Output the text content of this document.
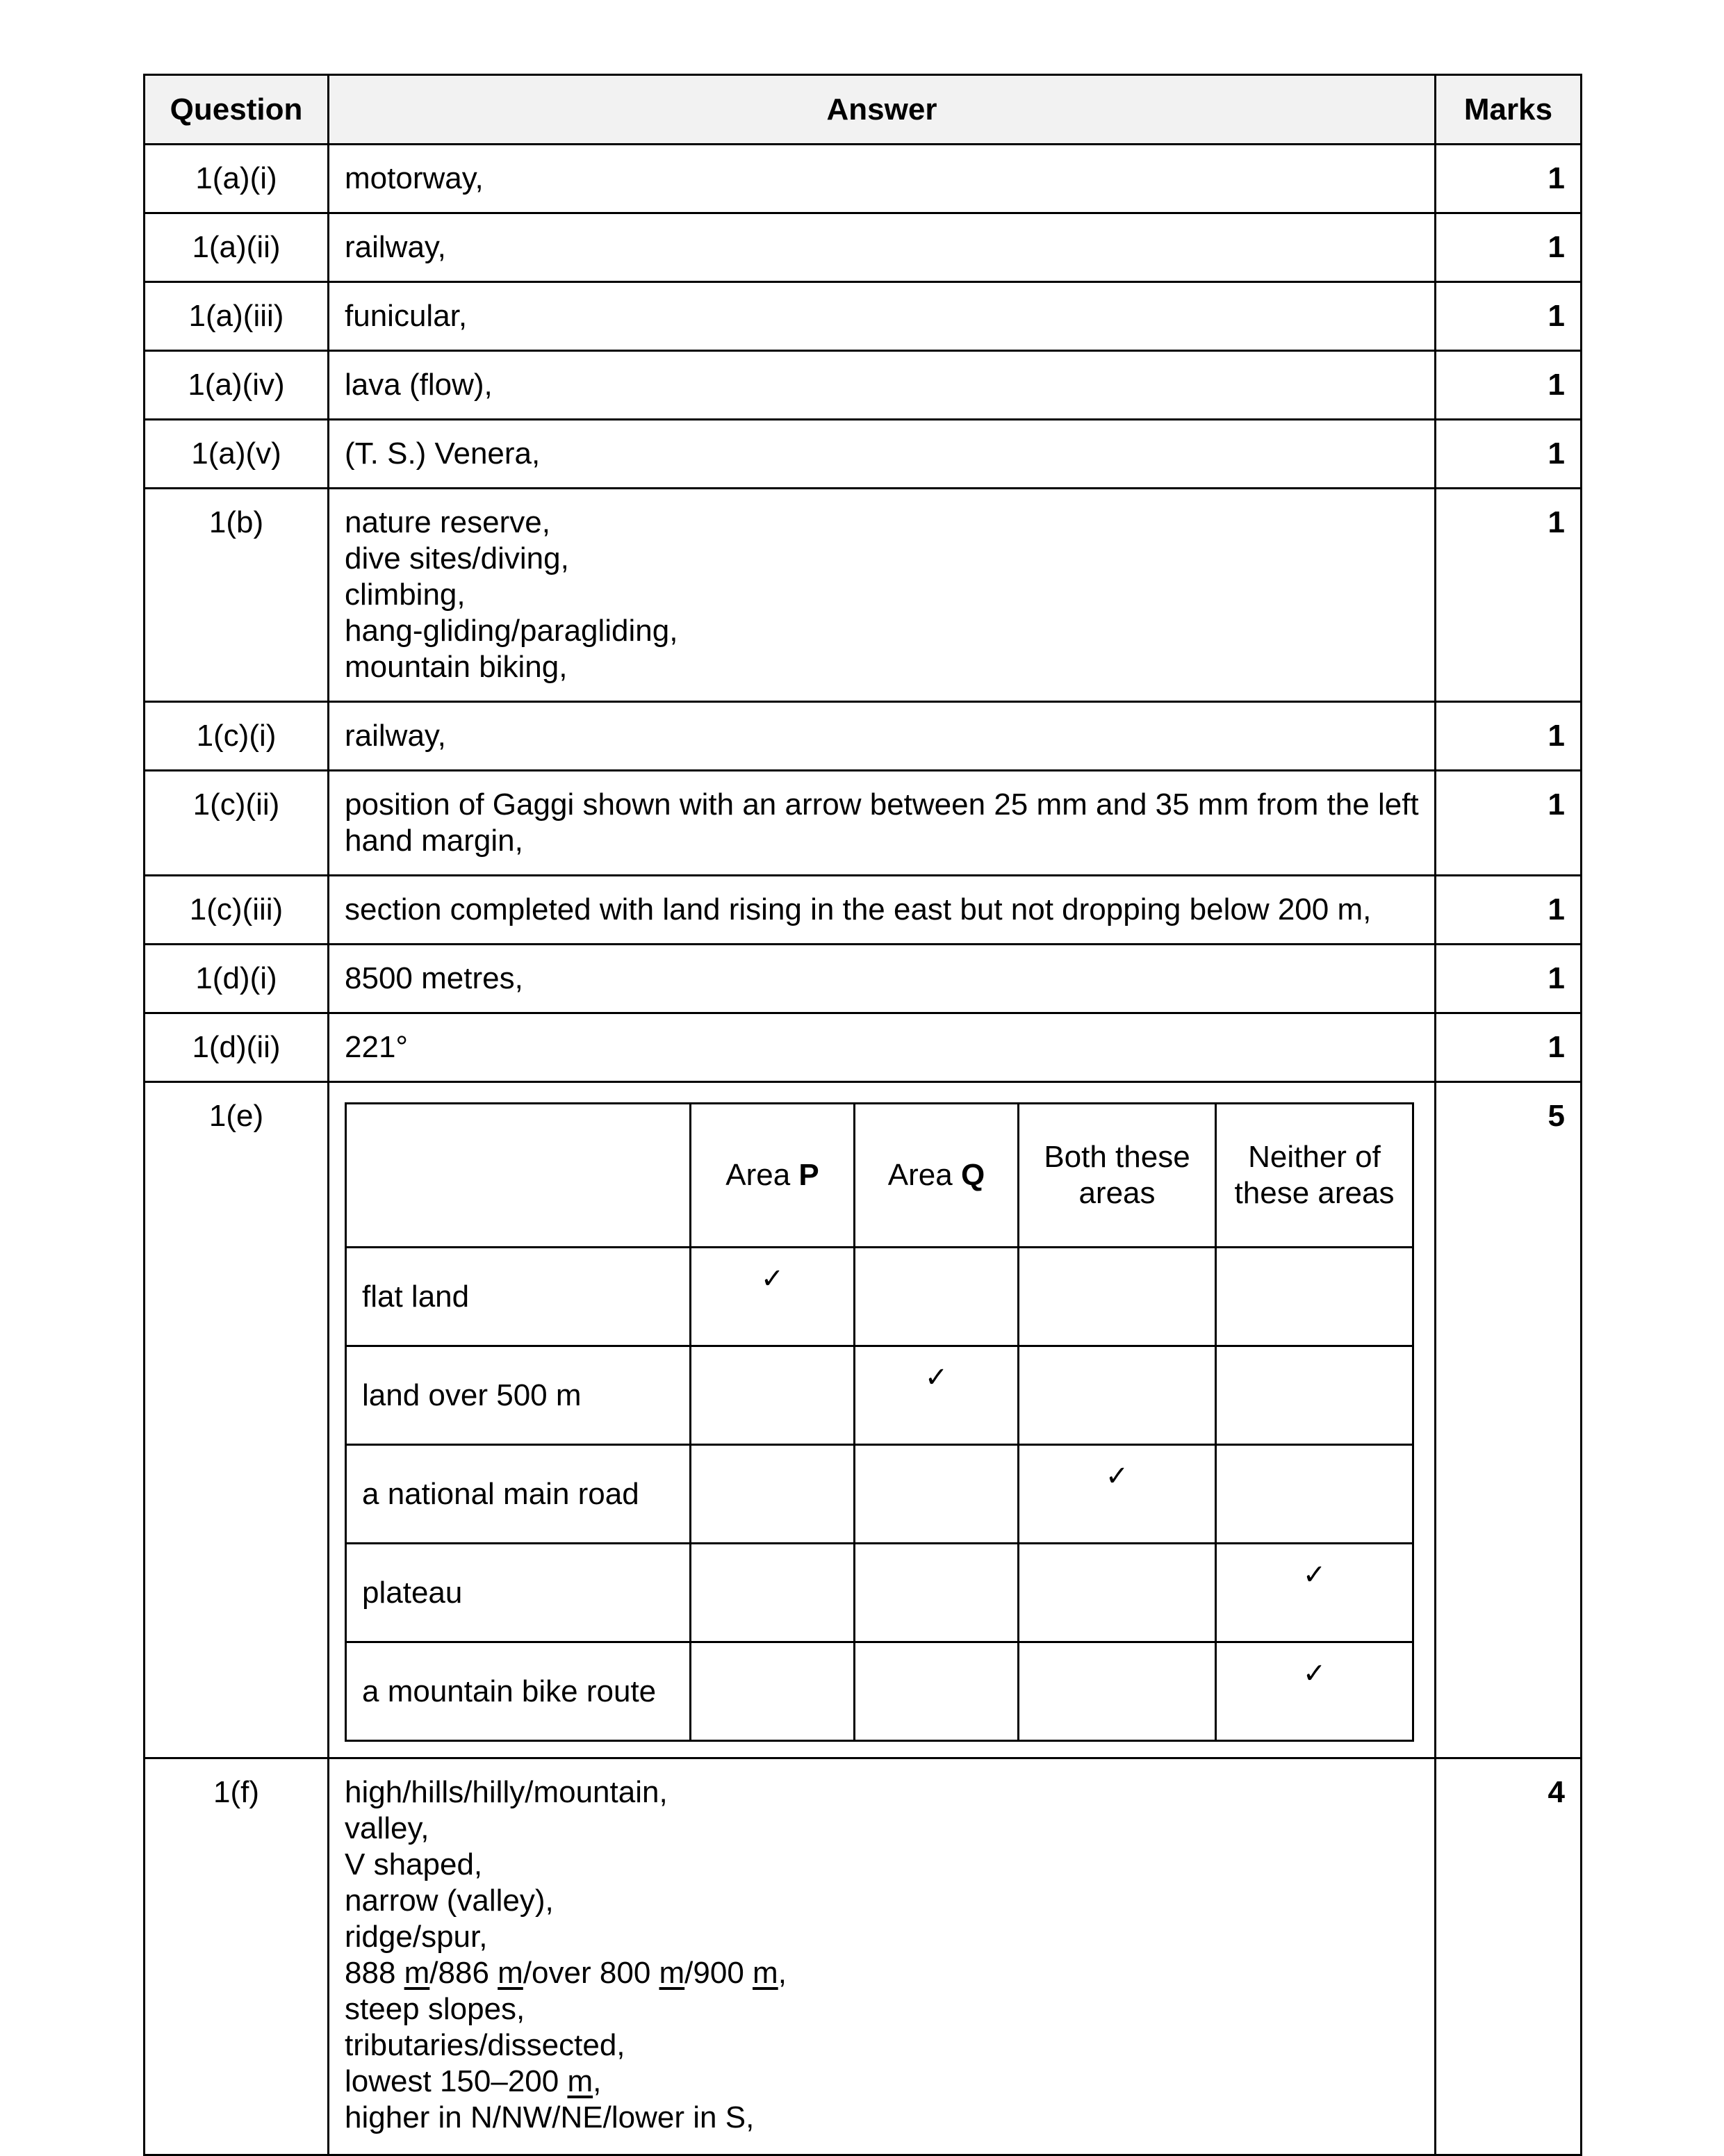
Question	Answer	Marks
1(a)(i)	motorway,	1
1(a)(ii)	railway,	1
1(a)(iii)	funicular,	1
1(a)(iv)	lava (flow),	1
1(a)(v)	(T. S.) Venera,	1
1(b)	nature reserve,
dive sites/diving,
climbing,
hang-gliding/paragliding,
mountain biking,
	1
1(c)(i)	railway,	1
1(c)(ii)	position of Gaggi shown with an arrow between 25 mm and 35 mm from the left hand margin,
	1
1(c)(iii)	section completed with land rising in the east but not dropping below 200 m,	1
1(d)(i)	8500 metres,	1
1(d)(ii)	221°	1
1(e)	
	Area P	Area Q	Both these areas	Neither of these areas
flat land	✓			
land over 500 m		✓		
a national main road			✓	
plateau				✓
a mountain bike route				✓
	5
1(f)	high/hills/hilly/mountain,
valley,
V shaped,
narrow (valley),
ridge/spur,
888 m/886 m/over 800 m/900 m,
steep slopes,
tributaries/dissected,
lowest 150–200 m,
higher in N/NW/NE/lower in S,
	4
